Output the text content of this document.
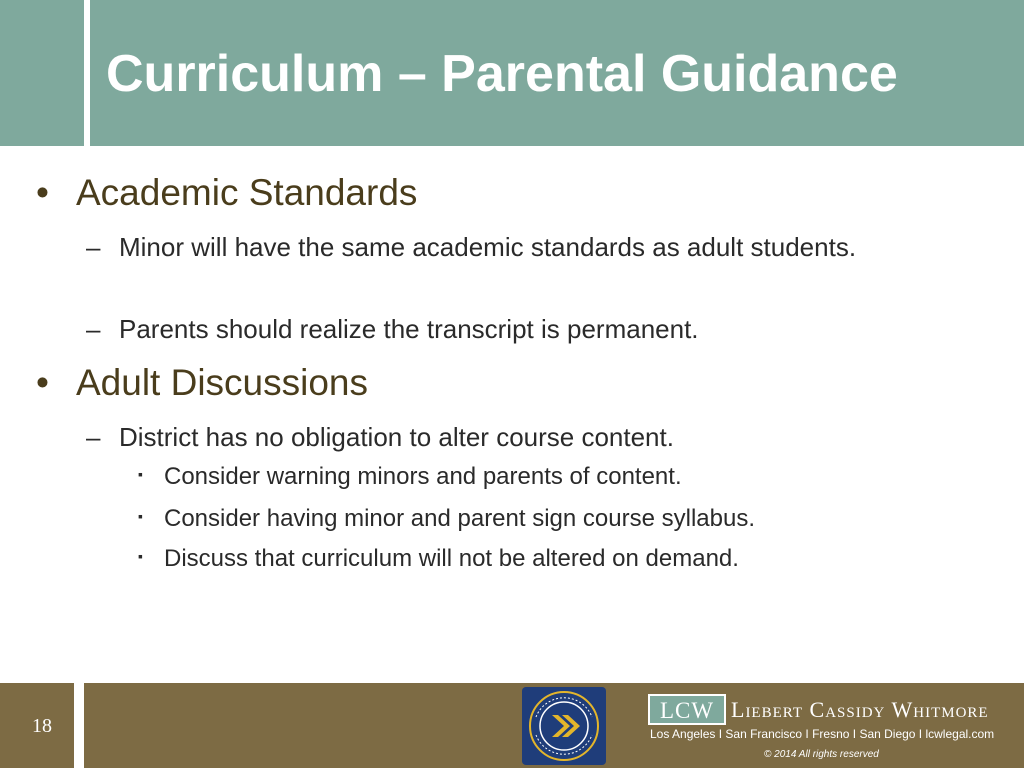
Curriculum – Parental Guidance
• Academic Standards
– Minor will have the same academic standards as adult students.
– Parents should realize the transcript is permanent.
• Adult Discussions
– District has no obligation to alter course content.
▪ Consider warning minors and parents of content.
▪ Consider having minor and parent sign course syllabus.
▪ Discuss that curriculum will not be altered on demand.
18
LCW Liebert Cassidy Whitmore
Los Angeles I San Francisco I Fresno I San Diego I lcwlegal.com
© 2014 All rights reserved
